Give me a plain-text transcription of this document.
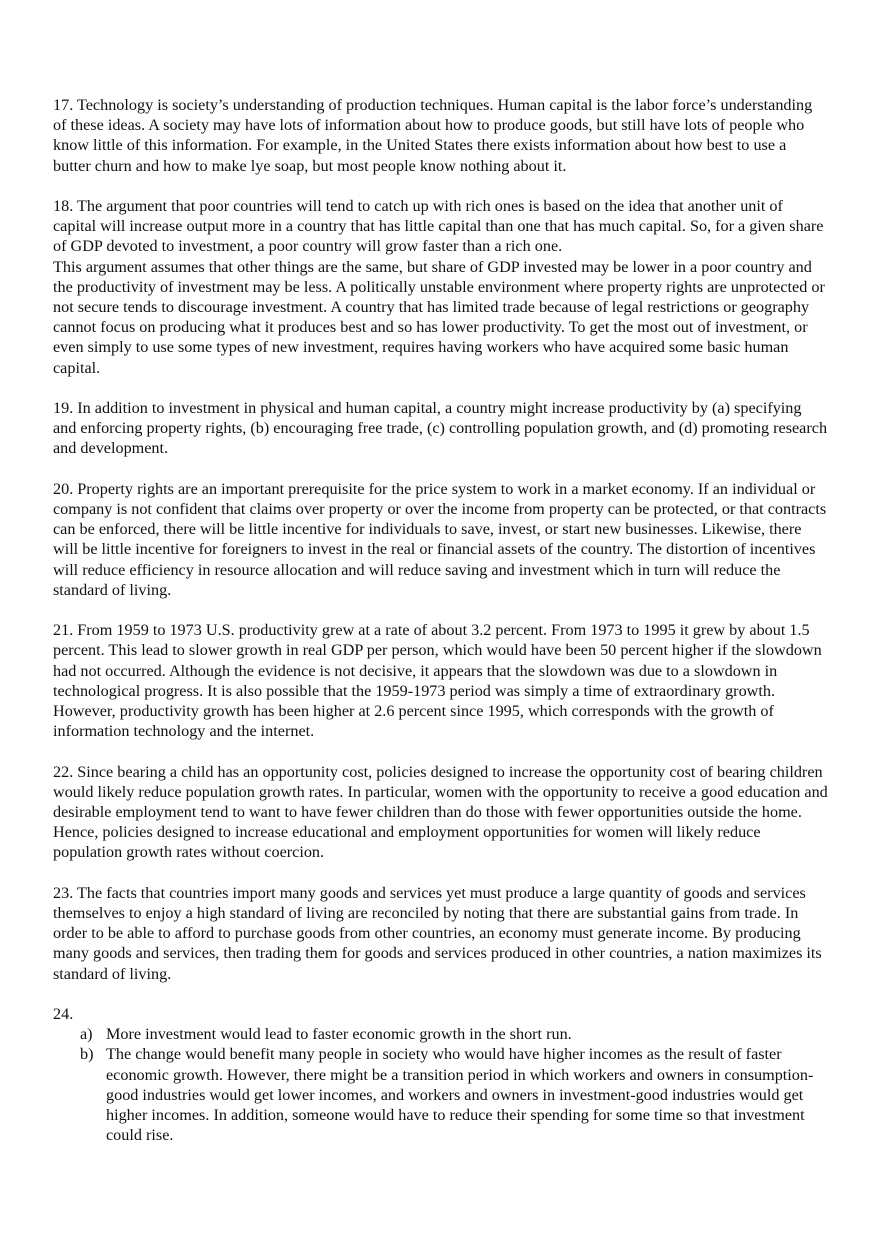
17. Technology is society’s understanding of production techniques. Human capital is the labor force’s understanding of these ideas. A society may have lots of information about how to produce goods, but still have lots of people who know little of this information. For example, in the United States there exists information about how best to use a butter churn and how to make lye soap, but most people know nothing about it.

18. The argument that poor countries will tend to catch up with rich ones is based on the idea that another unit of capital will increase output more in a country that has little capital than one that has much capital. So, for a given share of GDP devoted to investment, a poor country will grow faster than a rich one.
This argument assumes that other things are the same, but share of GDP invested may be lower in a poor country and the productivity of investment may be less. A politically unstable environment where property rights are unprotected or not secure tends to discourage investment. A country that has limited trade because of legal restrictions or geography cannot focus on producing what it produces best and so has lower productivity. To get the most out of investment, or even simply to use some types of new investment, requires having workers who have acquired some basic human capital.

19. In addition to investment in physical and human capital, a country might increase productivity by (a) specifying and enforcing property rights, (b) encouraging free trade, (c) controlling population growth, and (d) promoting research and development.

20. Property rights are an important prerequisite for the price system to work in a market economy. If an individual or company is not confident that claims over property or over the income from property can be protected, or that contracts can be enforced, there will be little incentive for individuals to save, invest, or start new businesses. Likewise, there will be little incentive for foreigners to invest in the real or financial assets of the country. The distortion of incentives will reduce efficiency in resource allocation and will reduce saving and investment which in turn will reduce the standard of living.

21. From 1959 to 1973 U.S. productivity grew at a rate of about 3.2 percent. From 1973 to 1995 it grew by about 1.5 percent. This lead to slower growth in real GDP per person, which would have been 50 percent higher if the slowdown had not occurred. Although the evidence is not decisive, it appears that the slowdown was due to a slowdown in technological progress. It is also possible that the 1959-1973 period was simply a time of extraordinary growth. However, productivity growth has been higher at 2.6 percent since 1995, which corresponds with the growth of information technology and the internet.

22. Since bearing a child has an opportunity cost, policies designed to increase the opportunity cost of bearing children would likely reduce population growth rates. In particular, women with the opportunity to receive a good education and desirable employment tend to want to have fewer children than do those with fewer opportunities outside the home. Hence, policies designed to increase educational and employment opportunities for women will likely reduce population growth rates without coercion.

23. The facts that countries import many goods and services yet must produce a large quantity of goods and services themselves to enjoy a high standard of living are reconciled by noting that there are substantial gains from trade. In order to be able to afford to purchase goods from other countries, an economy must generate income. By producing many goods and services, then trading them for goods and services produced in other countries, a nation maximizes its standard of living.

24.
a) More investment would lead to faster economic growth in the short run.
b) The change would benefit many people in society who would have higher incomes as the result of faster economic growth. However, there might be a transition period in which workers and owners in consumption-good industries would get lower incomes, and workers and owners in investment-good industries would get higher incomes. In addition, someone would have to reduce their spending for some time so that investment could rise.
